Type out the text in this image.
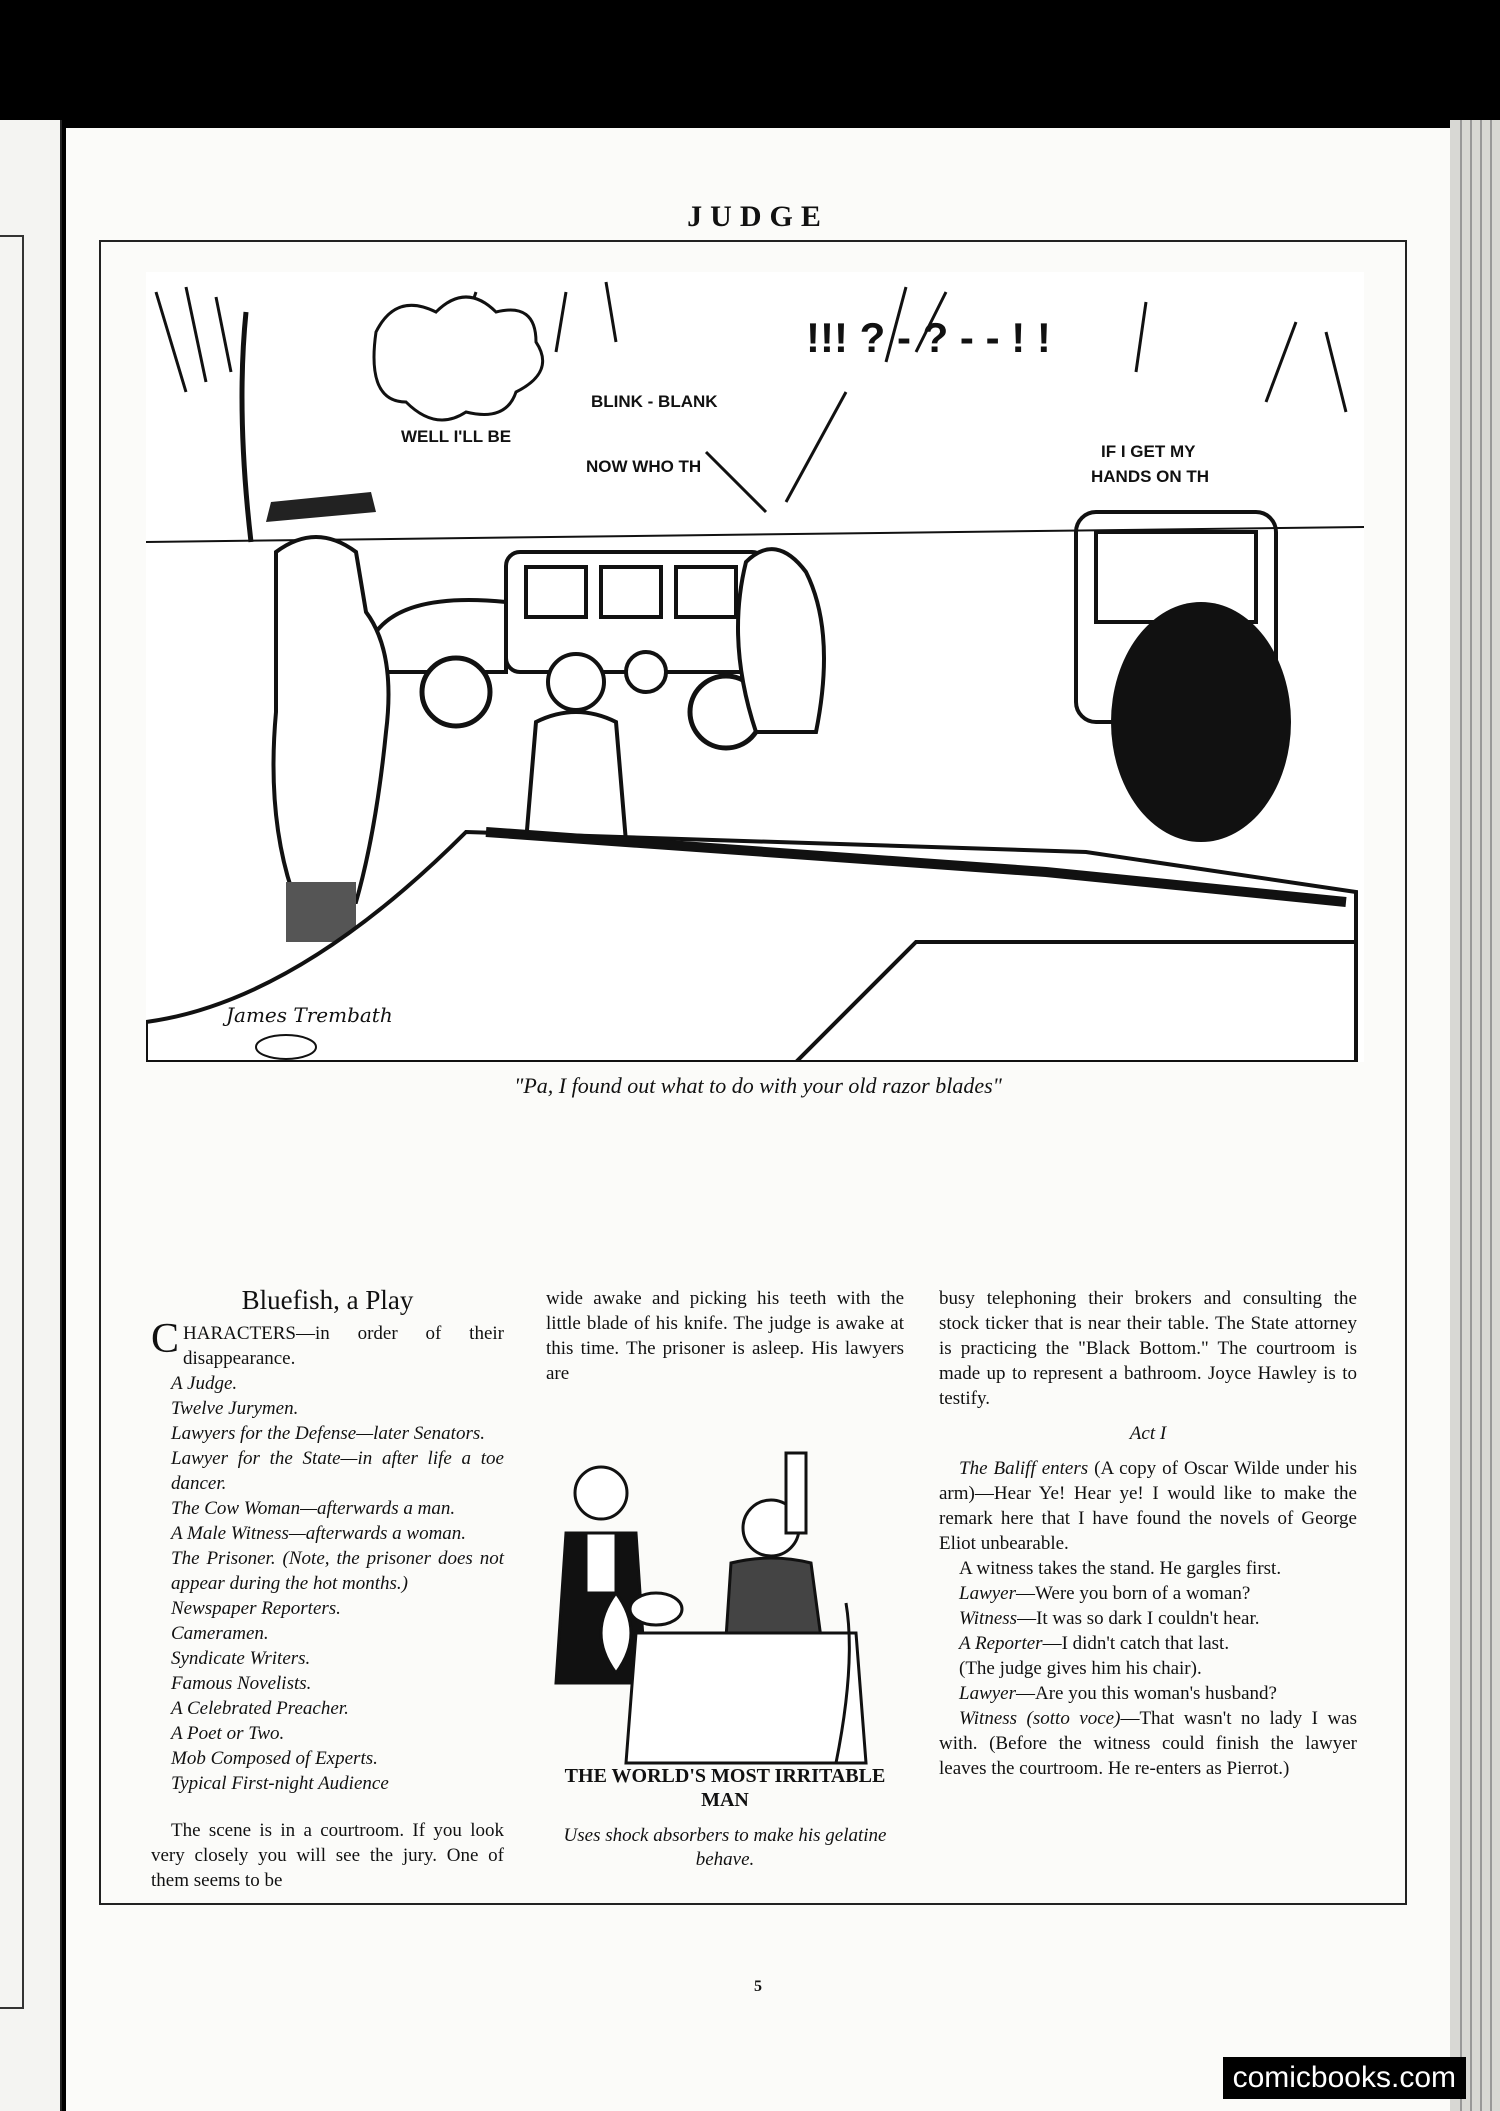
JUDGE
WELL I'LL BE
BLINK - BLANK
NOW WHO TH
IF I GET MY
HANDS ON TH
!!! ? - ? - - ! !
James Trembath
"Pa, I found out what to do with your old razor blades"

Bluefish, a Play

CHARACTERS—in order of their disappearance.

A Judge.

Twelve Jurymen.

Lawyers for the Defense—later Senators.

Lawyer for the State—in after life a toe dancer.

The Cow Woman—afterwards a man.

A Male Witness—afterwards a woman.

The Prisoner. (Note, the prisoner does not appear during the hot months.)

Newspaper Reporters.

Cameramen.

Syndicate Writers.

Famous Novelists.

A Celebrated Preacher.

A Poet or Two.

Mob Composed of Experts.

Typical First-night Audience

The scene is in a courtroom. If you look very closely you will see the jury. One of them seems to be

wide awake and picking his teeth with the little blade of his knife. The judge is awake at this time. The prisoner is asleep. His lawyers are

THE WORLD'S MOST IRRITABLE MAN
Uses shock absorbers to make his gelatine behave.

busy telephoning their brokers and consulting the stock ticker that is near their table. The State attorney is practicing the "Black Bottom." The courtroom is made up to represent a bathroom. Joyce Hawley is to testify.

Act I

The Baliff enters (A copy of Oscar Wilde under his arm)—Hear Ye! Hear ye! I would like to make the remark here that I have found the novels of George Eliot unbearable.

A witness takes the stand. He gargles first.

Lawyer—Were you born of a woman?

Witness—It was so dark I couldn't hear.

A Reporter—I didn't catch that last.

(The judge gives him his chair).

Lawyer—Are you this woman's husband?

Witness (sotto voce)—That wasn't no lady I was with. (Before the witness could finish the lawyer leaves the courtroom. He re-enters as Pierrot.)

5
comicbooks.com
